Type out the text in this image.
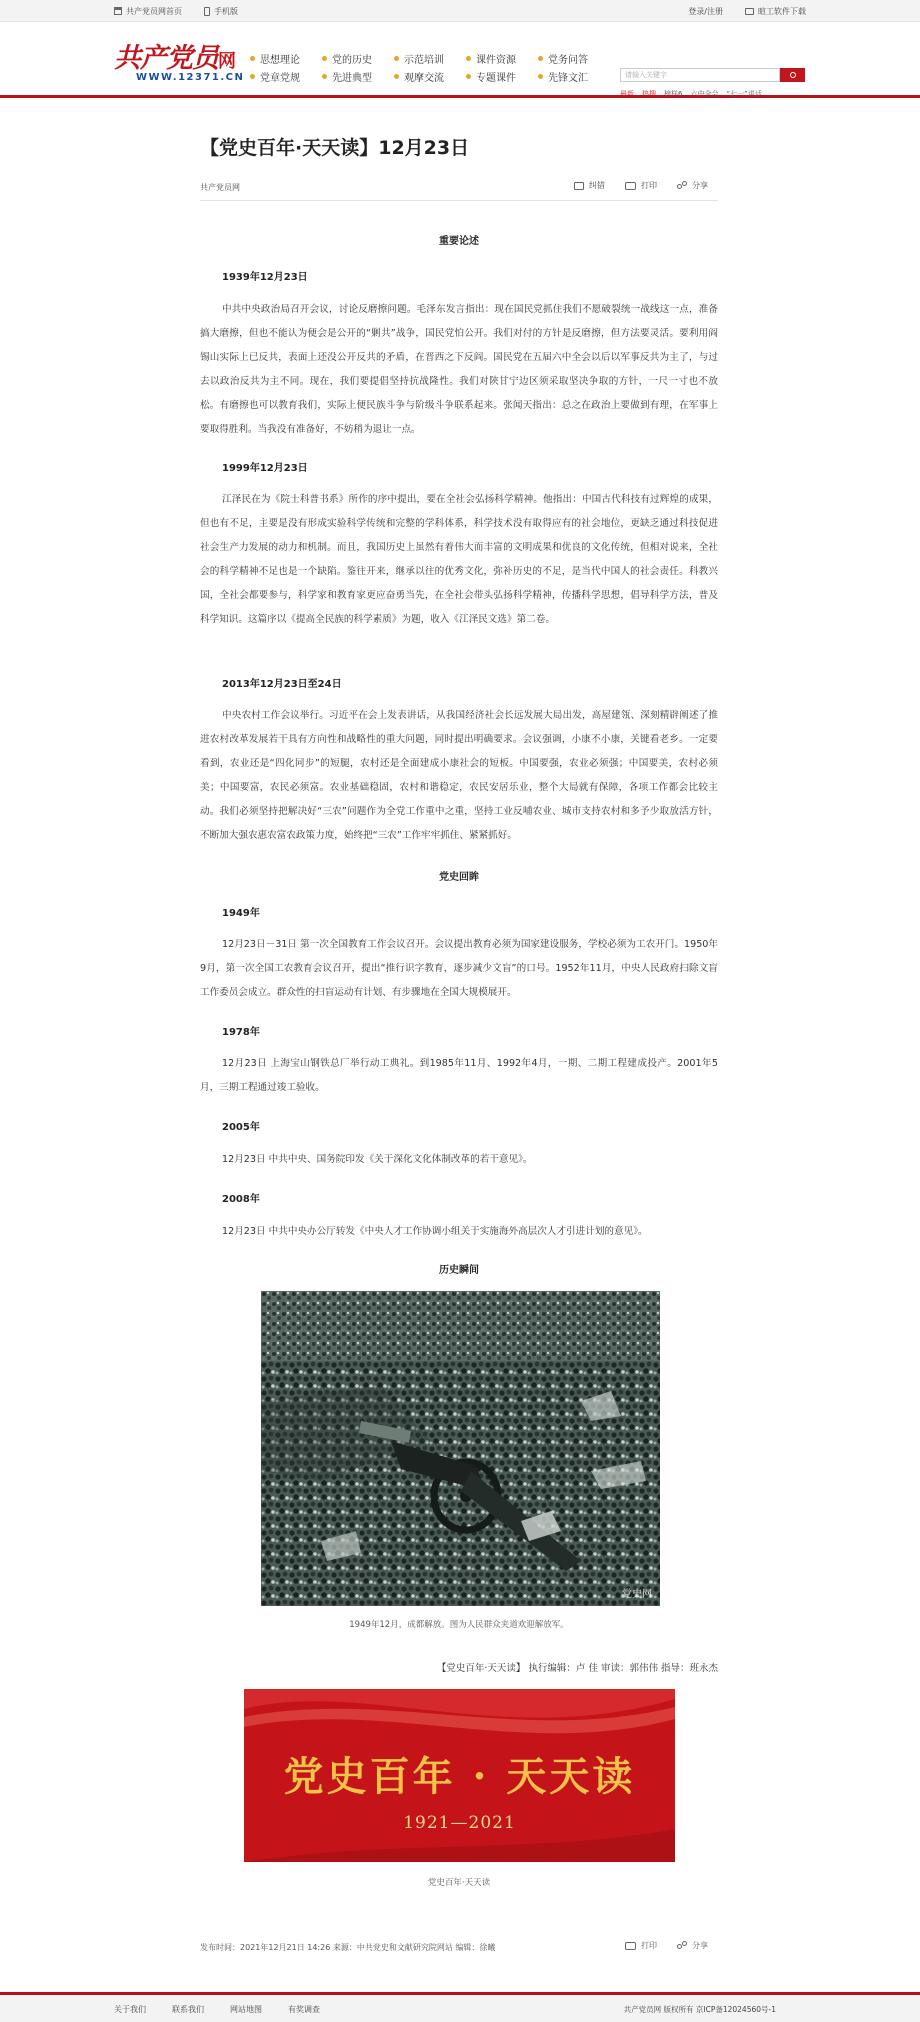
共产党员网首页	手机版	登录/注册	暄工软件下载
共产党员网
WWW.12371.CN
思想理论	党的历史	示范培训	课件资源	党务问答
党章党规	先进典型	观摩交流	专题课件	先锋文汇	请输入关键字
最新 热搜 榜样6 六中全会 “七一”讲话
【党史百年·天天读】12月23日
共产党员网	纠错	打印	分享
重要论述
1939年12月23日

中共中央政治局召开会议，讨论反磨擦问题。毛泽东发言指出：现在国民党抓住我们不愿破裂统一战线这一点，准备搞大磨擦，但也不能认为便会是公开的“剿共”战争，国民党怕公开。我们对付的方针是反磨擦，但方法要灵活。要利用阎锡山实际上已反共，表面上还没公开反共的矛盾，在晋西之下反阎。国民党在五届六中全会以后以军事反共为主了，与过去以政治反共为主不同。现在，我们要提倡坚持抗战隆性。我们对陕甘宁边区须采取坚决争取的方针，一尺一寸也不放松。有磨擦也可以教育我们，实际上便民族斗争与阶级斗争联系起来。张闻天指出：总之在政治上要做到有理，在军事上要取得胜利。当我没有准备好，不妨稍为退让一点。

1999年12月23日

江泽民在为《院士科普书系》所作的序中提出，要在全社会弘扬科学精神。他指出：中国古代科技有过辉煌的成果，但也有不足，主要是没有形成实验科学传统和完整的学科体系，科学技术没有取得应有的社会地位，更缺乏通过科技促进社会生产力发展的动力和机制。而且，我国历史上虽然有着伟大而丰富的文明成果和优良的文化传统，但相对说来，全社会的科学精神不足也是一个缺陷。鉴往开来，继承以往的优秀文化，弥补历史的不足，是当代中国人的社会责任。科教兴国，全社会都要参与，科学家和教育家更应奋勇当先，在全社会带头弘扬科学精神，传播科学思想，倡导科学方法，普及科学知识。这篇序以《提高全民族的科学素质》为题，收入《江泽民文选》第二卷。

2013年12月23日至24日

中央农村工作会议举行。习近平在会上发表讲话，从我国经济社会长远发展大局出发，高屋建瓴、深刻精辟阐述了推进农村改革发展若干具有方向性和战略性的重大问题，同时提出明确要求。会议强调，小康不小康，关键看老乡。一定要看到，农业还是“四化同步”的短腿，农村还是全面建成小康社会的短板。中国要强，农业必须强；中国要美，农村必须美；中国要富，农民必须富。农业基础稳固，农村和谐稳定，农民安居乐业，整个大局就有保障，各项工作都会比较主动。我们必须坚持把解决好“三农”问题作为全党工作重中之重，坚持工业反哺农业、城市支持农村和多予少取放活方针，不断加大强农惠农富农政策力度，始终把“三农”工作牢牢抓住、紧紧抓好。

党史回眸
1949年

12月23日－31日 第一次全国教育工作会议召开。会议提出教育必须为国家建设服务，学校必须为工农开门。1950年9月，第一次全国工农教育会议召开，提出“推行识字教育，逐步减少文盲”的口号。1952年11月，中央人民政府扫除文盲工作委员会成立。群众性的扫盲运动有计划、有步骤地在全国大规模展开。

1978年

12月23日 上海宝山钢铁总厂举行动工典礼。到1985年11月、1992年4月，一期、二期工程建成投产。2001年5月，三期工程通过竣工验收。

2005年

12月23日 中共中央、国务院印发《关于深化文化体制改革的若干意见》。

2008年

12月23日 中共中央办公厅转发《中央人才工作协调小组关于实施海外高层次人才引进计划的意见》。

历史瞬间
党史网
1949年12月，成都解放。图为人民群众夹道欢迎解放军。
【党史百年·天天读】 执行编辑：卢 佳 审读：郭伟伟 指导：班永杰
党史百年 · 天天读
1921—2021
党史百年·天天读
发布时间：2021年12月21日 14:26 来源：中共党史和文献研究院网站 编辑：徐曦	打印	分享
关于我们	联系我们	网站地图	有奖调查	共产党员网 版权所有 京ICP备12024560号-1
